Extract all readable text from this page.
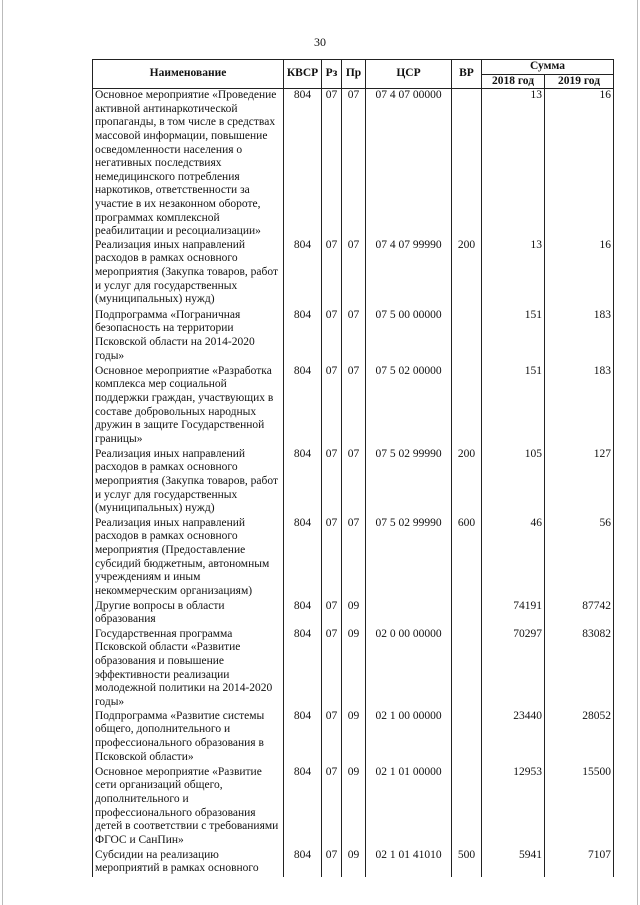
30
Наименование	КВСР	Рз	Пр	ЦСР	ВР	Сумма	
						2018 год	2019 год
Основное мероприятие «Проведение активной антинаркотической пропаганды, в том числе в средствах массовой информации, повышение осведомленности населения о негативных последствиях немедицинского потребления наркотиков, ответственности за участие в их незаконном обороте, программах комплексной реабилитации и ресоциализации»	804	07	07	07 4 07 00000		13	16
Реализация иных направлений расходов в рамках основного мероприятия (Закупка товаров, работ и услуг для государственных (муниципальных) нужд)	804	07	07	07 4 07 99990	200	13	16
Подпрограмма «Пограничная безопасность на территории Псковской области на 2014-2020 годы»	804	07	07	07 5 00 00000		151	183
Основное мероприятие «Разработка комплекса мер социальной поддержки граждан, участвующих в составе добровольных народных дружин в защите Государственной границы»	804	07	07	07 5 02 00000		151	183
Реализация иных направлений расходов в рамках основного мероприятия (Закупка товаров, работ и услуг для государственных (муниципальных) нужд)	804	07	07	07 5 02 99990	200	105	127
Реализация иных направлений расходов в рамках основного мероприятия (Предоставление субсидий бюджетным, автономным учреждениям и иным некоммерческим организациям)	804	07	07	07 5 02 99990	600	46	56
Другие вопросы в области образования	804	07	09			74191	87742
Государственная программа Псковской области «Развитие образования и повышение эффективности реализации молодежной политики на 2014-2020 годы»	804	07	09	02 0 00 00000		70297	83082
Подпрограмма «Развитие системы общего, дополнительного и профессионального образования в Псковской области»	804	07	09	02 1 00 00000		23440	28052
Основное мероприятие «Развитие сети организаций общего, дополнительного и профессионального образования детей в соответствии с требованиями ФГОС и СанПин»	804	07	09	02 1 01 00000		12953	15500
Субсидии на реализацию мероприятий в рамках основного	804	07	09	02 1 01 41010	500	5941	7107
